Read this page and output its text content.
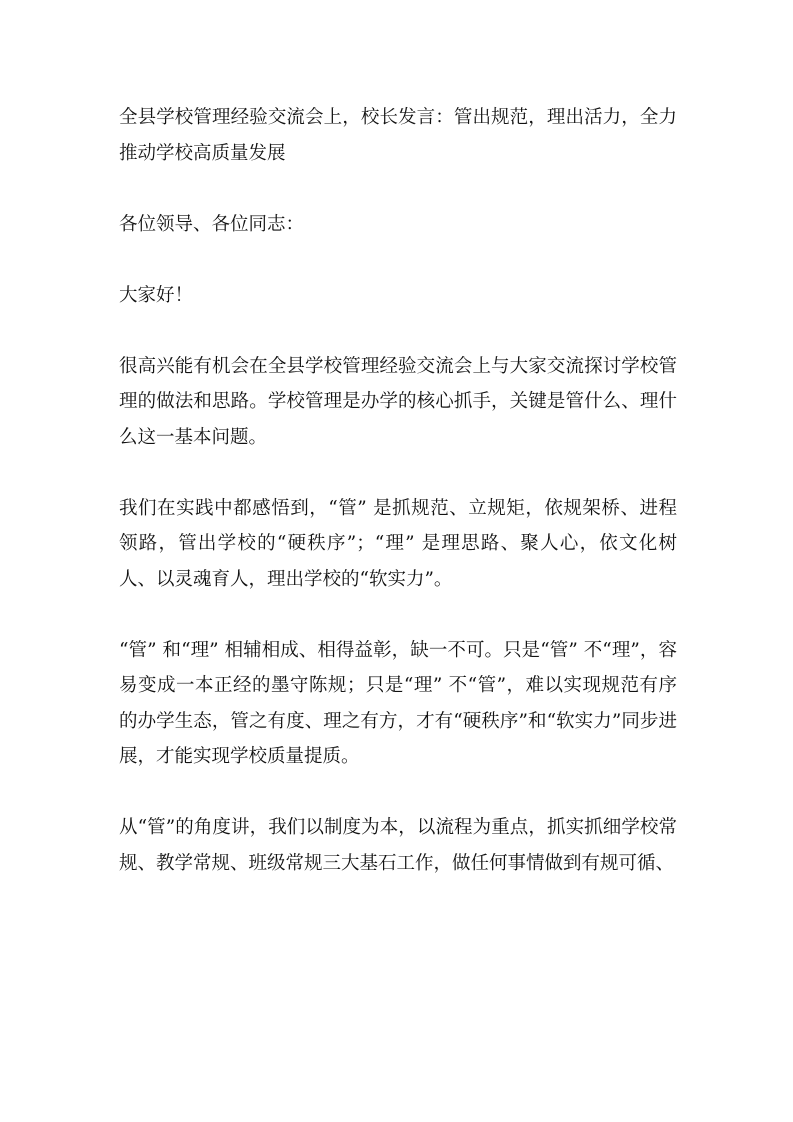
全县学校管理经验交流会上，校长发言：管出规范，理出活力，全力推动学校高质量发展

各位领导、各位同志：

大家好！

很高兴能有机会在全县学校管理经验交流会上与大家交流探讨学校管理的做法和思路。学校管理是办学的核心抓手，关键是管什么、理什么这一基本问题。

我们在实践中都感悟到，“管” 是抓规范、立规矩，依规架桥、进程领路，管出学校的“硬秩序”；“理” 是理思路、聚人心，依文化树人、以灵魂育人，理出学校的“软实力”。

“管” 和“理” 相辅相成、相得益彰，缺一不可。只是“管” 不“理”，容易变成一本正经的墨守陈规；只是“理” 不“管”，难以实现规范有序的办学生态，管之有度、理之有方，才有“硬秩序”和“软实力”同步进展，才能实现学校质量提质。

从“管”的角度讲，我们以制度为本，以流程为重点，抓实抓细学校常规、教学常规、班级常规三大基石工作，做任何事情做到有规可循、
